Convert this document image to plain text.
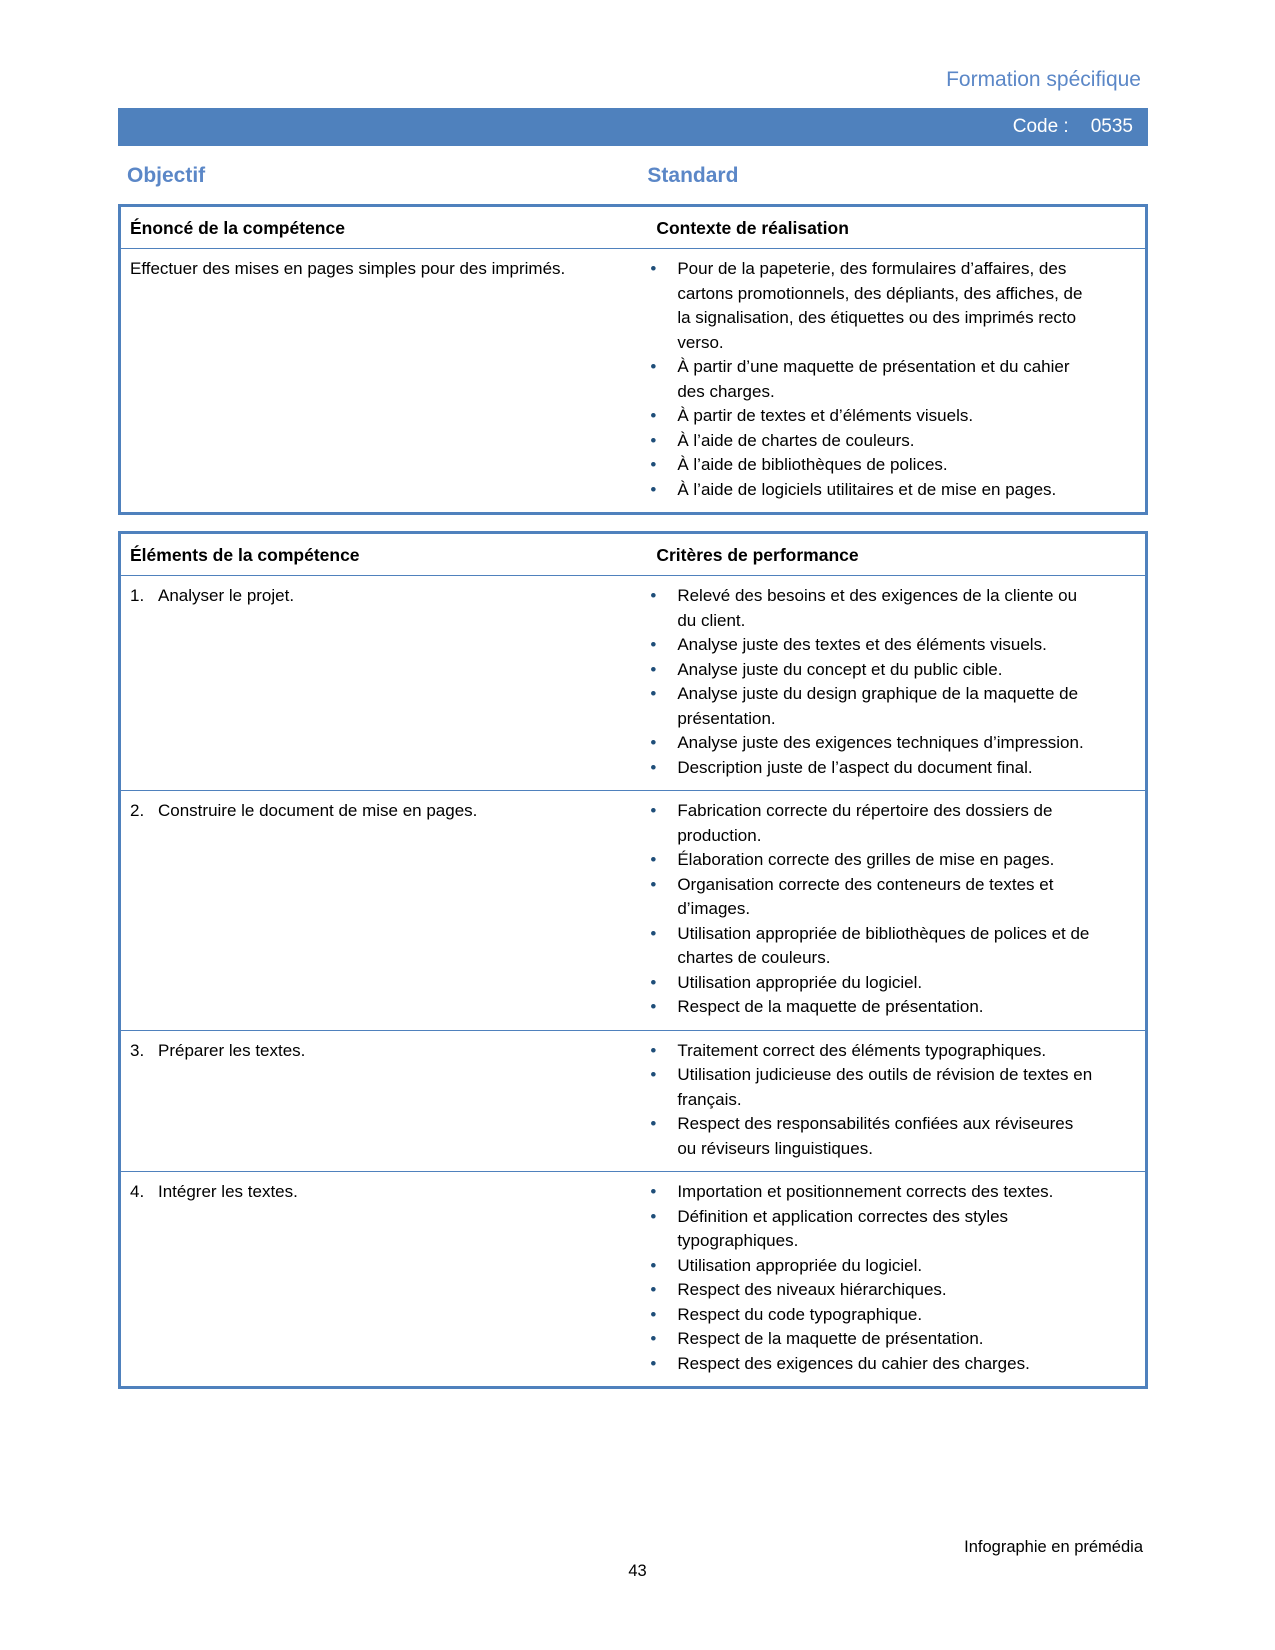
Formation spécifique
Code : 0535
Objectif	Standard
Énoncé de la compétence	Contexte de réalisation
Effectuer des mises en pages simples pour des imprimés. •	Pour de la papeterie, des formulaires d’affaires, des cartons promotionnels, des dépliants, des affiches, de la signalisation, des étiquettes ou des imprimés recto verso.
•
À partir d’une maquette de présentation et du cahier des charges.
•
À partir de textes et d’éléments visuels.
•
À l’aide de chartes de couleurs.
•
À l’aide de bibliothèques de polices.
•
À l’aide de logiciels utilitaires et de mise en pages.
Éléments de la compétence	Critères de performance
1. Analyser le projet. •	Relevé des besoins et des exigences de la cliente ou du client.
•
Analyse juste des textes et des éléments visuels.
•
Analyse juste du concept et du public cible.
•
Analyse juste du design graphique de la maquette de présentation.
•
Analyse juste des exigences techniques d’impression.
•
Description juste de l’aspect du document final.
2. Construire le document de mise en pages. •	Fabrication correcte du répertoire des dossiers de production.
•
Élaboration correcte des grilles de mise en pages.
•
Organisation correcte des conteneurs de textes et d’images.
•
Utilisation appropriée de bibliothèques de polices et de chartes de couleurs.
•
Utilisation appropriée du logiciel.
•
Respect de la maquette de présentation.
3. Préparer les textes. •	Traitement correct des éléments typographiques.
•
Utilisation judicieuse des outils de révision de textes en français.
•
Respect des responsabilités confiées aux réviseures ou réviseurs linguistiques.
4. Intégrer les textes. •	Importation et positionnement corrects des textes.
•
Définition et application correctes des styles typographiques.
•
Utilisation appropriée du logiciel.
•
Respect des niveaux hiérarchiques.
•
Respect du code typographique.
•
Respect de la maquette de présentation.
•
Respect des exigences du cahier des charges.
Infographie en prémédia
43
